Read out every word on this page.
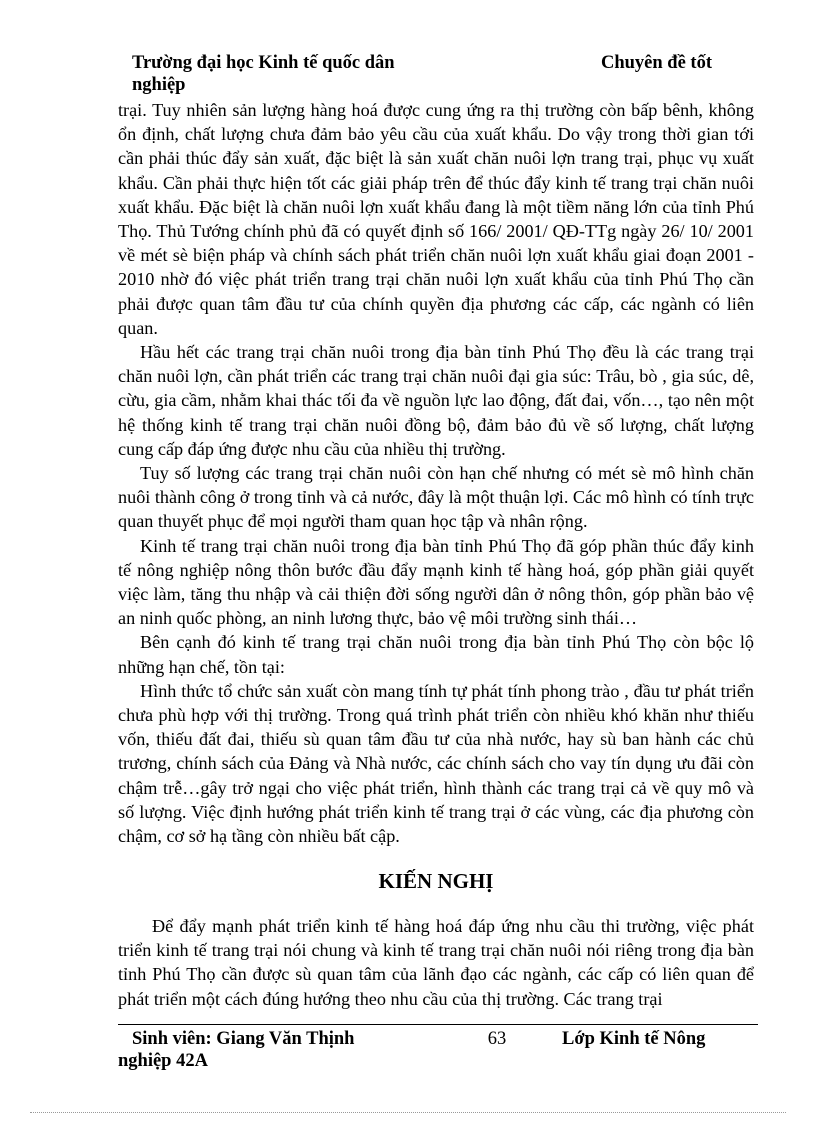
Trường đại học Kinh tế quốc dân	Chuyên đề tốt
nghiệp

trại. Tuy nhiên sản lượng hàng hoá được cung ứng ra thị trường còn bấp bênh, không ổn định, chất lượng chưa đảm bảo yêu cầu của xuất khẩu. Do vậy trong thời gian tới cần phải thúc đẩy sản xuất, đặc biệt là sản xuất chăn nuôi lợn trang trại, phục vụ xuất khẩu. Cần phải thực hiện tốt các giải pháp trên để thúc đẩy kinh tế trang trại chăn nuôi xuất khẩu. Đặc biệt là chăn nuôi lợn xuất khẩu đang là một tiềm năng lớn của tỉnh Phú Thọ. Thủ Tướng chính phủ đã có quyết định số 166/ 2001/ QĐ-TTg ngày 26/ 10/ 2001 về mét sè biện pháp và chính sách phát triển chăn nuôi lợn xuất khẩu giai đoạn 2001 - 2010 nhờ đó việc phát triển trang trại chăn nuôi lợn xuất khẩu của tỉnh Phú Thọ cần phải được quan tâm đầu tư của chính quyền địa phương các cấp, các ngành có liên quan.

Hầu hết các trang trại chăn nuôi trong địa bàn tỉnh Phú Thọ đều là các trang trại chăn nuôi lợn, cần phát triển các trang trại chăn nuôi đại gia súc: Trâu, bò , gia súc, dê, cừu, gia cầm, nhằm khai thác tối đa về nguồn lực lao động, đất đai, vốn…, tạo nên một hệ thống kinh tế trang trại chăn nuôi đồng bộ, đảm bảo đủ về số lượng, chất lượng cung cấp đáp ứng được nhu cầu của nhiều thị trường.

Tuy số lượng các trang trại chăn nuôi còn hạn chế nhưng có mét sè mô hình chăn nuôi thành công ở trong tỉnh và cả nước, đây là một thuận lợi. Các mô hình có tính trực quan thuyết phục để mọi người tham quan học tập và nhân rộng.

Kinh tế trang trại chăn nuôi trong địa bàn tỉnh Phú Thọ đã góp phần thúc đẩy kinh tế nông nghiệp nông thôn bước đầu đẩy mạnh kinh tế hàng hoá, góp phần giải quyết việc làm, tăng thu nhập và cải thiện đời sống người dân ở nông thôn, góp phần bảo vệ an ninh quốc phòng, an ninh lương thực, bảo vệ môi trường sinh thái…

Bên cạnh đó kinh tế trang trại chăn nuôi trong địa bàn tỉnh Phú Thọ còn bộc lộ những hạn chế, tồn tại:

Hình thức tổ chức sản xuất còn mang tính tự phát tính phong trào , đầu tư phát triển chưa phù hợp với thị trường. Trong quá trình phát triển còn nhiều khó khăn như thiếu vốn, thiếu đất đai, thiếu sù quan tâm đầu tư của nhà nước, hay sù ban hành các chủ trương, chính sách của Đảng và Nhà nước, các chính sách cho vay tín dụng ưu đãi còn chậm trễ…gây trở ngại cho việc phát triển, hình thành các trang trại cả về quy mô và số lượng. Việc định hướng phát triển kinh tế trang trại ở các vùng, các địa phương còn chậm, cơ sở hạ tầng còn nhiều bất cập.

KIẾN NGHỊ

Để đẩy mạnh phát triển kinh tế hàng hoá đáp ứng nhu cầu thi trường, việc phát triển kinh tế trang trại nói chung và kinh tế trang trại chăn nuôi nói riêng trong địa bàn tỉnh Phú Thọ cần được sù quan tâm của lãnh đạo các ngành, các cấp có liên quan để phát triển một cách đúng hướng theo nhu cầu của thị trường. Các trang trại

Sinh viên: Giang Văn Thịnh	63	Lớp Kinh tế Nông
nghiệp 42A
